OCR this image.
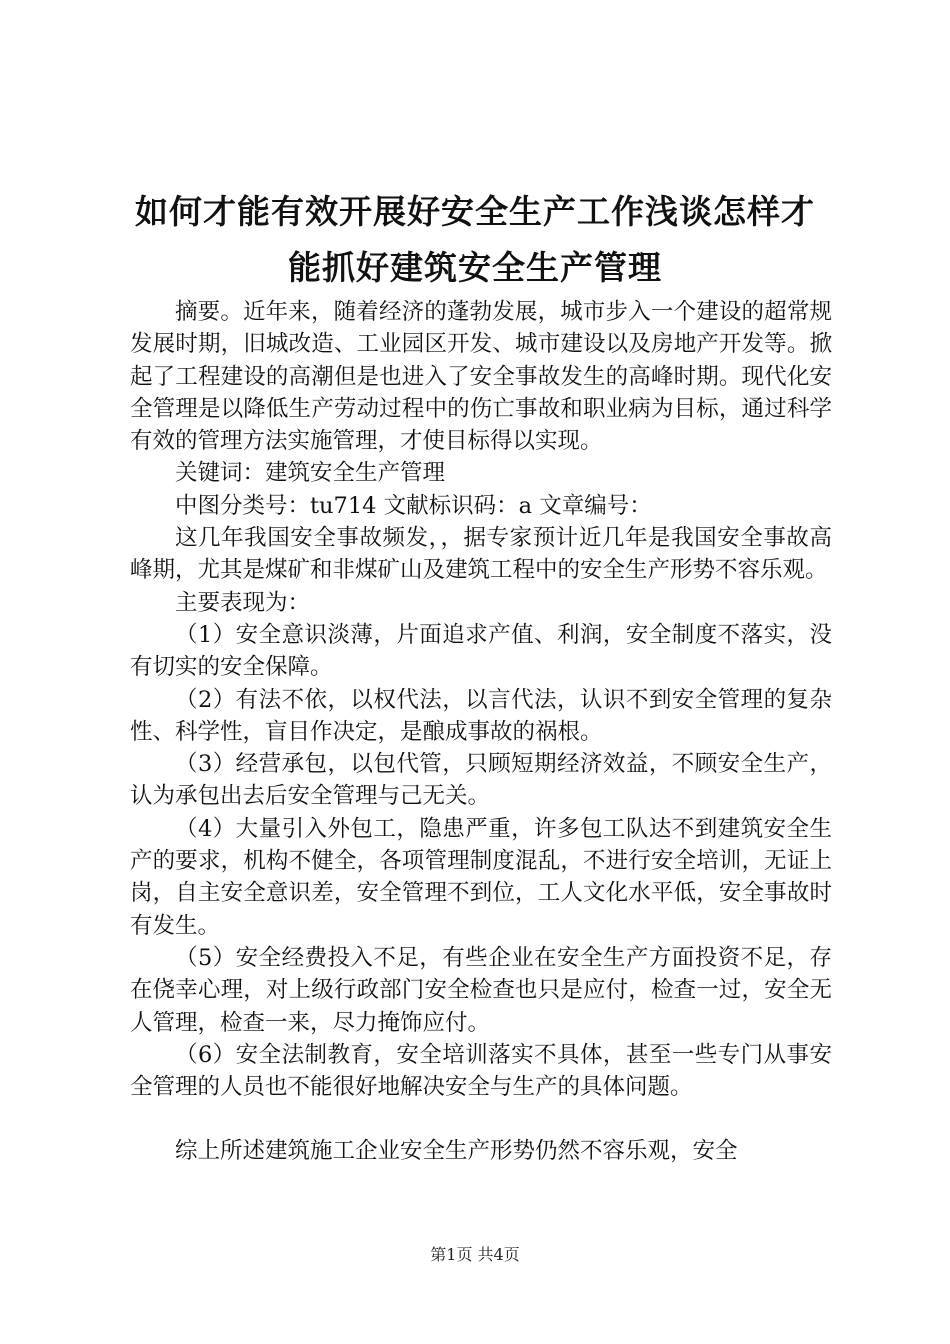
如何才能有效开展好安全生产工作浅谈怎样才
能抓好建筑安全生产管理

摘要。近年来，随着经济的蓬勃发展，城市步入一个建设的超常规发展时期，旧城改造、工业园区开发、城市建设以及房地产开发等。掀起了工程建设的高潮但是也进入了安全事故发生的高峰时期。现代化安全管理是以降低生产劳动过程中的伤亡事故和职业病为目标，通过科学有效的管理方法实施管理，才使目标得以实现。

关键词：建筑安全生产管理

中图分类号：tu714 文献标识码：a 文章编号：

这几年我国安全事故频发，，据专家预计近几年是我国安全事故高峰期，尤其是煤矿和非煤矿山及建筑工程中的安全生产形势不容乐观。

主要表现为：

（1）安全意识淡薄，片面追求产值、利润，安全制度不落实，没有切实的安全保障。

（2）有法不依，以权代法，以言代法，认识不到安全管理的复杂性、科学性，盲目作决定，是酿成事故的祸根。

（3）经营承包，以包代管，只顾短期经济效益，不顾安全生产，认为承包出去后安全管理与己无关。

（4）大量引入外包工，隐患严重，许多包工队达不到建筑安全生产的要求，机构不健全，各项管理制度混乱，不进行安全培训，无证上岗，自主安全意识差，安全管理不到位，工人文化水平低，安全事故时有发生。

（5）安全经费投入不足，有些企业在安全生产方面投资不足，存在侥幸心理，对上级行政部门安全检查也只是应付，检查一过，安全无人管理，检查一来，尽力掩饰应付。

（6）安全法制教育，安全培训落实不具体，甚至一些专门从事安全管理的人员也不能很好地解决安全与生产的具体问题。

综上所述建筑施工企业安全生产形势仍然不容乐观，安全

第1页 共4页
